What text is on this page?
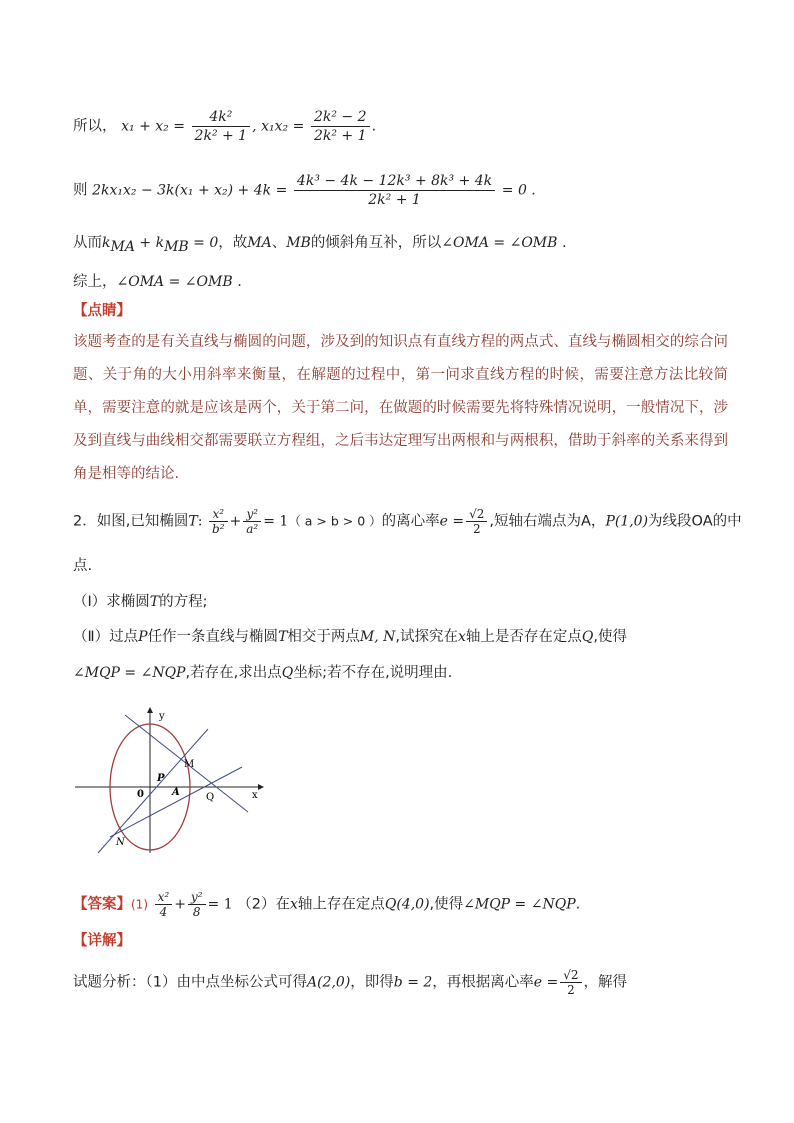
所以， $x_1 + x_2 = \frac{\text{4k²}}{\text{2k² + 1}}$ , $x_1x_2 = \frac{\text{2k² − 2}}{\text{2k² + 1}}$ .
则 $2kx_1x_2 - 3k(x_1 + x_2) + 4k = \frac{\text{4k³ − 4k − 12k³ + 8k³ + 4k}}{\text{2k² + 1}} = 0$ .
从而$k_{MA} + k_{MB} = 0$，故MA、MB的倾斜角互补，所以∠OMA = ∠OMB .
综上，∠OMA = ∠OMB .
【点睛】
该题考查的是有关直线与椭圆的问题，涉及到的知识点有直线方程的两点式、直线与椭圆相交的综合问题、关于角的大小用斜率来衡量，在解题的过程中，第一问求直线方程的时候，需要注意方法比较简单，需要注意的就是应该是两个，关于第二问，在做题的时候需要先将特殊情况说明，一般情况下，涉及到直线与曲线相交都需要联立方程组，之后韦达定理写出两根和与两根积，借助于斜率的关系来得到角是相等的结论.
2．如图,已知椭圆T: $\frac{\text{x²}}{\text{b²}} + \frac{\text{y²}}{\text{a²}} = 1$（ a > b > 0 ）的离心率$e = \frac{√2}{2}$ ,短轴右端点为A，P(1,0)为线段OA的中
点.
（Ⅰ）求椭圆T的方程;
（Ⅱ）过点P任作一条直线与椭圆T相交于两点M, N,试探究在x轴上是否存在定点Q,使得
∠MQP = ∠NQP,若存在,求出点Q坐标;若不存在,说明理由.
y
x
0
P
A
M
Q
N
【答案】$(1) \frac{\text{x²}}{4} + \frac{\text{y²}}{8} = 1$ （2）在x轴上存在定点Q(4,0),使得∠MQP = ∠NQP.
【详解】
试题分析：（1）由中点坐标公式可得A(2,0)，即得b = 2，再根据离心率$e = \frac{√2}{2}$ ，解得
